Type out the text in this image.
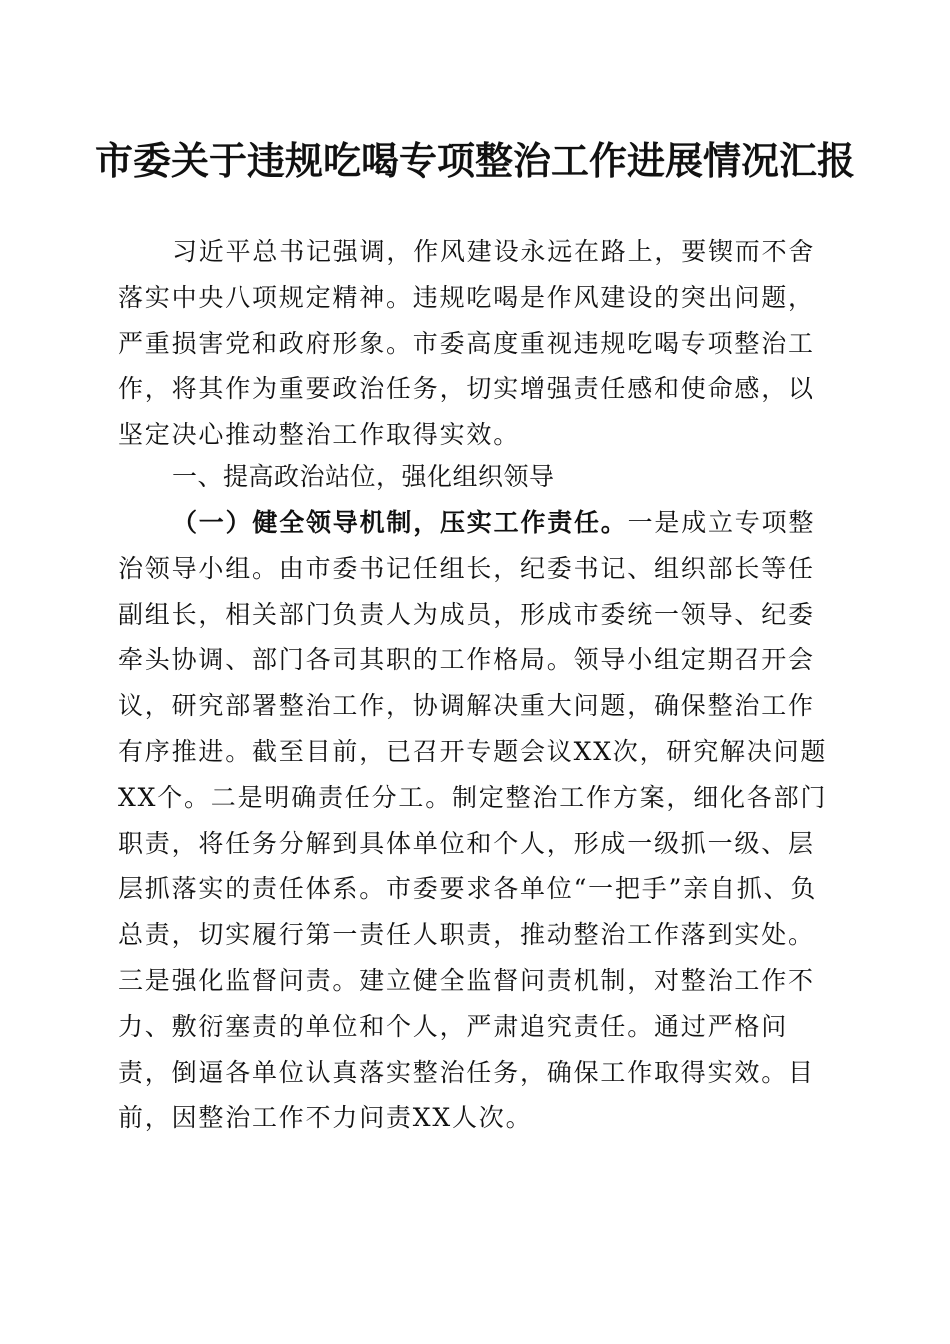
市委关于违规吃喝专项整治工作进展情况汇报

习近平总书记强调，作风建设永远在路上，要锲而不舍落实中央八项规定精神。违规吃喝是作风建设的突出问题，严重损害党和政府形象。市委高度重视违规吃喝专项整治工作，将其作为重要政治任务，切实增强责任感和使命感，以坚定决心推动整治工作取得实效。

一、提高政治站位，强化组织领导

（一）健全领导机制，压实工作责任。一是成立专项整治领导小组。由市委书记任组长，纪委书记、组织部长等任副组长，相关部门负责人为成员，形成市委统一领导、纪委牵头协调、部门各司其职的工作格局。领导小组定期召开会议，研究部署整治工作，协调解决重大问题，确保整治工作有序推进。截至目前，已召开专题会议XX次，研究解决问题XX个。二是明确责任分工。制定整治工作方案，细化各部门职责，将任务分解到具体单位和个人，形成一级抓一级、层层抓落实的责任体系。市委要求各单位“一把手”亲自抓、负总责，切实履行第一责任人职责，推动整治工作落到实处。三是强化监督问责。建立健全监督问责机制，对整治工作不力、敷衍塞责的单位和个人，严肃追究责任。通过严格问责，倒逼各单位认真落实整治任务，确保工作取得实效。目前，因整治工作不力问责XX人次。
